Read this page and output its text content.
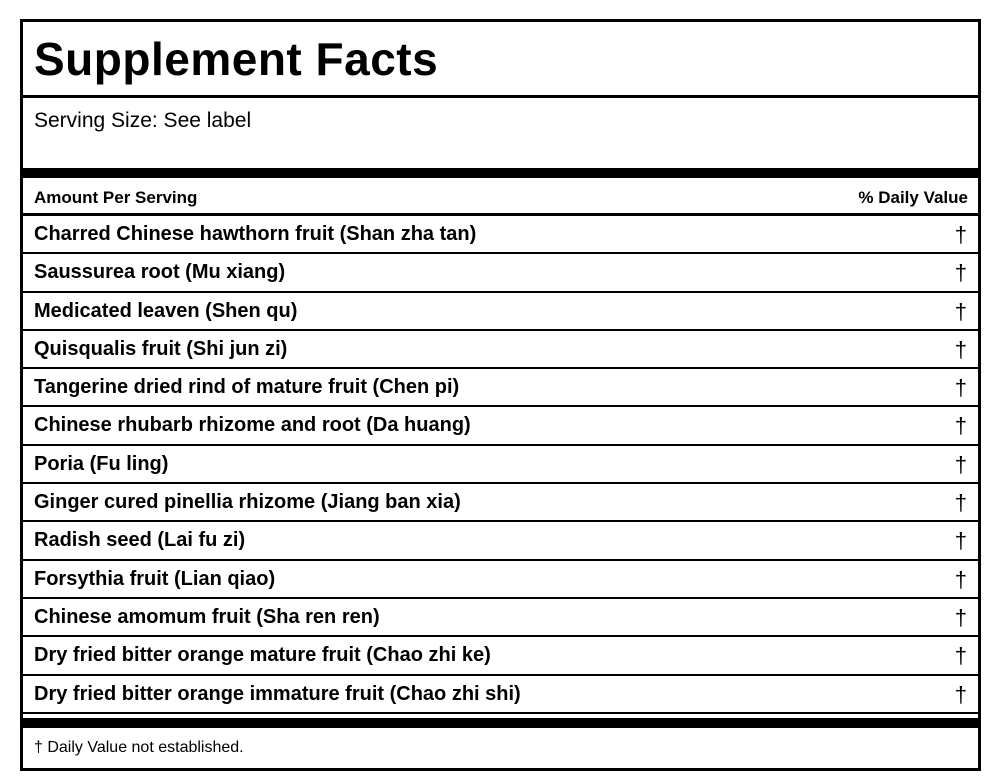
Supplement Facts
Serving Size: See label
Amount Per Serving	% Daily Value
Charred Chinese hawthorn fruit (Shan zha tan)	†
Saussurea root (Mu xiang)	†
Medicated leaven (Shen qu)	†
Quisqualis fruit (Shi jun zi)	†
Tangerine dried rind of mature fruit (Chen pi)	†
Chinese rhubarb rhizome and root (Da huang)	†
Poria (Fu ling)	†
Ginger cured pinellia rhizome (Jiang ban xia)	†
Radish seed (Lai fu zi)	†
Forsythia fruit (Lian qiao)	†
Chinese amomum fruit (Sha ren ren)	†
Dry fried bitter orange mature fruit (Chao zhi ke)	†
Dry fried bitter orange immature fruit (Chao zhi shi)	†
† Daily Value not established.
